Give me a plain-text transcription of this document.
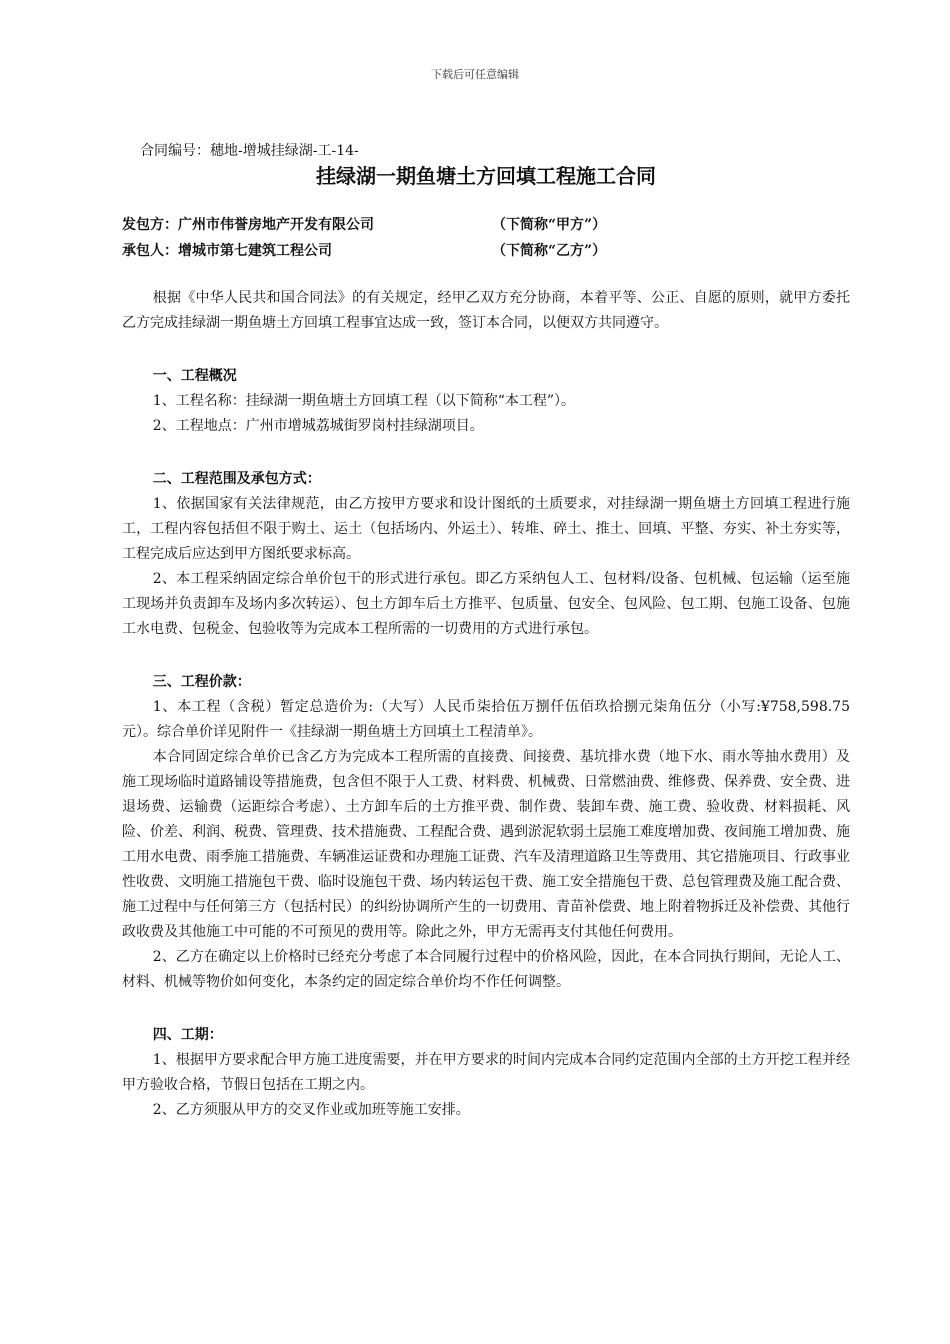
下载后可任意编辑

合同编号：穗地-增城挂绿湖-工-14-

挂绿湖一期鱼塘土方回填工程施工合同
发包方：广州市伟誉房地产开发有限公司	（下简称“甲方”）
承包人：增城市第七建筑工程公司	（下简称“乙方”）

根据《中华人民共和国合同法》的有关规定，经甲乙双方充分协商，本着平等、公正、自愿的原则，就甲方委托乙方完成挂绿湖一期鱼塘土方回填工程事宜达成一致，签订本合同，以便双方共同遵守。

一、工程概况

1、工程名称：挂绿湖一期鱼塘土方回填工程（以下简称“本工程”）。

2、工程地点：广州市增城荔城街罗岗村挂绿湖项目。

二、工程范围及承包方式：

1、依据国家有关法律规范，由乙方按甲方要求和设计图纸的土质要求，对挂绿湖一期鱼塘土方回填工程进行施工，工程内容包括但不限于购土、运土（包括场内、外运土）、转堆、碎土、推土、回填、平整、夯实、补土夯实等，工程完成后应达到甲方图纸要求标高。

2、本工程采纳固定综合单价包干的形式进行承包。即乙方采纳包人工、包材料/设备、包机械、包运输（运至施工现场并负责卸车及场内多次转运）、包土方卸车后土方推平、包质量、包安全、包风险、包工期、包施工设备、包施工水电费、包税金、包验收等为完成本工程所需的一切费用的方式进行承包。

三、工程价款：

1、本工程（含税）暂定总造价为:（大写）人民币柒拾伍万捌仟伍佰玖拾捌元柒角伍分（小写:¥758,598.75元）。综合单价详见附件一《挂绿湖一期鱼塘土方回填土工程清单》。

本合同固定综合单价已含乙方为完成本工程所需的直接费、间接费、基坑排水费（地下水、雨水等抽水费用）及施工现场临时道路铺设等措施费，包含但不限于人工费、材料费、机械费、日常燃油费、维修费、保养费、安全费、进退场费、运输费（运距综合考虑）、土方卸车后的土方推平费、制作费、装卸车费、施工费、验收费、材料损耗、风险、价差、利润、税费、管理费、技术措施费、工程配合费、遇到淤泥软弱土层施工难度增加费、夜间施工增加费、施工用水电费、雨季施工措施费、车辆准运证费和办理施工证费、汽车及清理道路卫生等费用、其它措施项目、行政事业性收费、文明施工措施包干费、临时设施包干费、场内转运包干费、施工安全措施包干费、总包管理费及施工配合费、施工过程中与任何第三方（包括村民）的纠纷协调所产生的一切费用、青苗补偿费、地上附着物拆迁及补偿费、其他行政收费及其他施工中可能的不可预见的费用等。除此之外，甲方无需再支付其他任何费用。

2、乙方在确定以上价格时已经充分考虑了本合同履行过程中的价格风险，因此，在本合同执行期间，无论人工、材料、机械等物价如何变化，本条约定的固定综合单价均不作任何调整。

四、工期：

1、根据甲方要求配合甲方施工进度需要，并在甲方要求的时间内完成本合同约定范围内全部的土方开挖工程并经甲方验收合格，节假日包括在工期之内。

2、乙方须服从甲方的交叉作业或加班等施工安排。
